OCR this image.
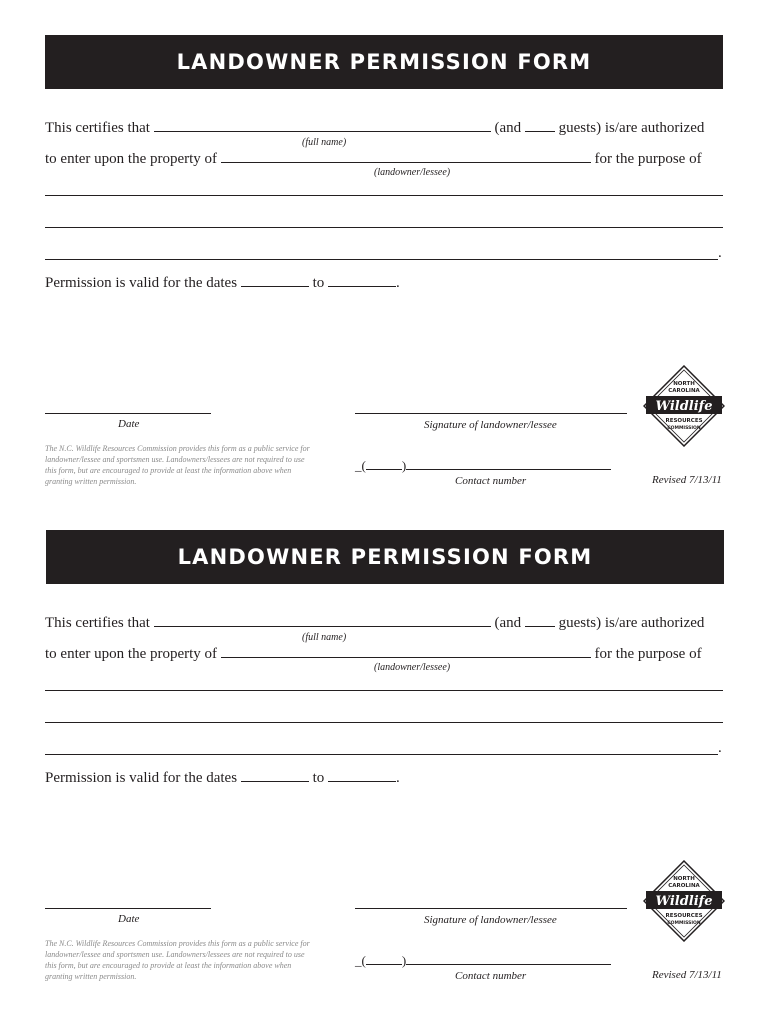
LANDOWNER PERMISSION FORM
This certifies that	(and	guests) is/are authorized
(full name)
to enter upon the property of	for the purpose of
(landowner/lessee)
.
Permission is valid for the dates	to	.
Date	Signature of landowner/lessee
The N.C. Wildlife Resources Commission provides this form as a public service for landowner/lessee and sportsmen use. Landowners/lessees are not required to use this form, but are encouraged to provide at least the information above when granting written permission.
_(	)
Contact number	Revised 7/13/11
NORTH
CAROLINA
Wildlife
RESOURCES
COMMISSION
LANDOWNER PERMISSION FORM
This certifies that	(and	guests) is/are authorized
(full name)
to enter upon the property of	for the purpose of
(landowner/lessee)
.
Permission is valid for the dates	to	.
Date	Signature of landowner/lessee
The N.C. Wildlife Resources Commission provides this form as a public service for landowner/lessee and sportsmen use. Landowners/lessees are not required to use this form, but are encouraged to provide at least the information above when granting written permission.
_(	)
Contact number	Revised 7/13/11
NORTH
CAROLINA
Wildlife
RESOURCES
COMMISSION
